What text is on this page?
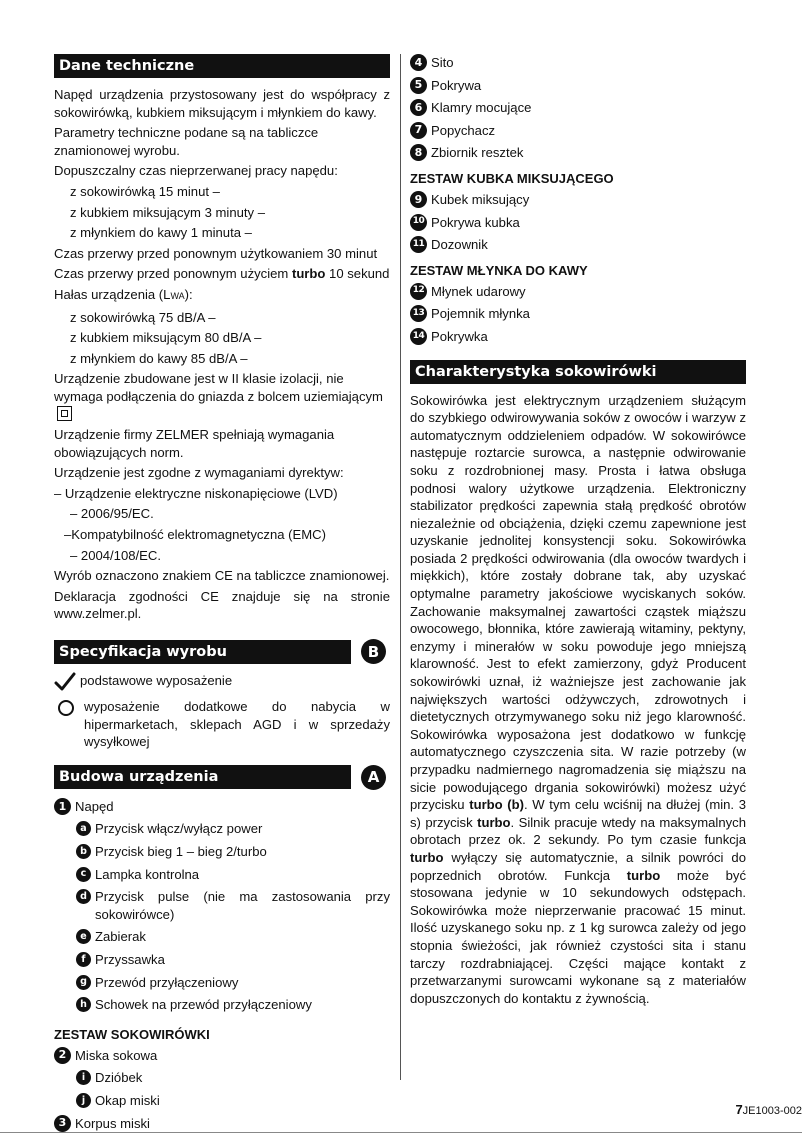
Dane techniczne

Napęd urządzenia przystosowany jest do współpracy z sokowirówką, kubkiem miksującym i młynkiem do kawy.

Parametry techniczne podane są na tabliczce znamionowej wyrobu.

Dopuszczalny czas nieprzerwanej pracy napędu:

z sokowirówką 15 minut –

z kubkiem miksującym 3 minuty –

z młynkiem do kawy 1 minuta –

Czas przerwy przed ponownym użytkowaniem 30 minut

Czas przerwy przed ponownym użyciem turbo 10 sekund

Hałas urządzenia (LWA):

z sokowirówką 75 dB/A –

z kubkiem miksującym 80 dB/A –

z młynkiem do kawy 85 dB/A –

Urządzenie zbudowane jest w II klasie izolacji, nie wymaga podłączenia do gniazda z bolcem uziemiającym

Urządzenie firmy ZELMER spełniają wymagania obowiązujących norm.

Urządzenie jest zgodne z wymaganiami dyrektyw:

– Urządzenie elektryczne niskonapięciowe (LVD)

– 2006/95/EC.

–Kompatybilność elektromagnetyczna (EMC)

– 2004/108/EC.

Wyrób oznaczono znakiem CE na tabliczce znamionowej.

Deklaracja zgodności CE znajduje się na stronie www.zelmer.pl.

Specyfikacja wyrobu	B
podstawowe wyposażenie
wyposażenie dodatkowe do nabycia w hipermarketach, sklepach AGD i w sprzedaży wysyłkowej
Budowa urządzenia	A
1 Napęd
a Przycisk włącz/wyłącz power
b Przycisk bieg 1 – bieg 2/turbo
c Lampka kontrolna
d Przycisk pulse (nie ma zastosowania przy sokowirówce)
e Zabierak
f Przyssawka
g Przewód przyłączeniowy
h Schowek na przewód przyłączeniowy
ZESTAW SOKOWIRÓWKI
2 Miska sokowa
i Dzióbek
j Okap miski
3 Korpus miski
4 Sito
5 Pokrywa
6 Klamry mocujące
7 Popychacz
8 Zbiornik resztek
ZESTAW KUBKA MIKSUJĄCEGO
9 Kubek miksujący
10 Pokrywa kubka
11 Dozownik
ZESTAW MŁYNKA DO KAWY
12 Młynek udarowy
13 Pojemnik młynka
14 Pokrywka
Charakterystyka sokowirówki

Sokowirówka jest elektrycznym urządzeniem służącym do szybkiego odwirowywania soków z owoców i warzyw z automatycznym oddzieleniem odpadów. W sokowirówce następuje roztarcie surowca, a następnie odwirowanie soku z rozdrobnionej masy. Prosta i łatwa obsługa podnosi walory użytkowe urządzenia. Elektroniczny stabilizator prędkości zapewnia stałą prędkość obrotów niezależnie od obciążenia, dzięki czemu zapewnione jest uzyskanie jednolitej konsystencji soku. Sokowirówka posiada 2 prędkości odwirowania (dla owoców twardych i miękkich), które zostały dobrane tak, aby uzyskać optymalne parametry jakościowe wyciskanych soków. Zachowanie maksymalnej zawartości cząstek miąższu owocowego, błonnika, które zawierają witaminy, pektyny, enzymy i minerałów w soku powoduje jego mniejszą klarowność. Jest to efekt zamierzony, gdyż Producent sokowirówki uznał, iż ważniejsze jest zachowanie jak największych wartości odżywczych, zdrowotnych i dietetycznych otrzymywanego soku niż jego klarowność. Sokowirówka wyposażona jest dodatkowo w funkcję automatycznego czyszczenia sita. W razie potrzeby (w przypadku nadmiernego nagromadzenia się miąższu na sicie powodującego drgania sokowirówki) możesz użyć przycisku turbo (b). W tym celu wciśnij na dłużej (min. 3 s) przycisk turbo. Silnik pracuje wtedy na maksymalnych obrotach przez ok. 2 sekundy. Po tym czasie funkcja turbo wyłączy się automatycznie, a silnik powróci do poprzednich obrotów. Funkcja turbo może być stosowana jedynie w 10 sekundowych odstępach. Sokowirówka może nieprzerwanie pracować 15 minut. Ilość uzyskanego soku np. z 1 kg surowca zależy od jego stopnia świeżości, jak również czystości sita i stanu tarczy rozdrabniającej. Części mające kontakt z przetwarzanymi surowcami wykonane są z materiałów dopuszczonych do kontaktu z żywnością.

7JE1003-002
